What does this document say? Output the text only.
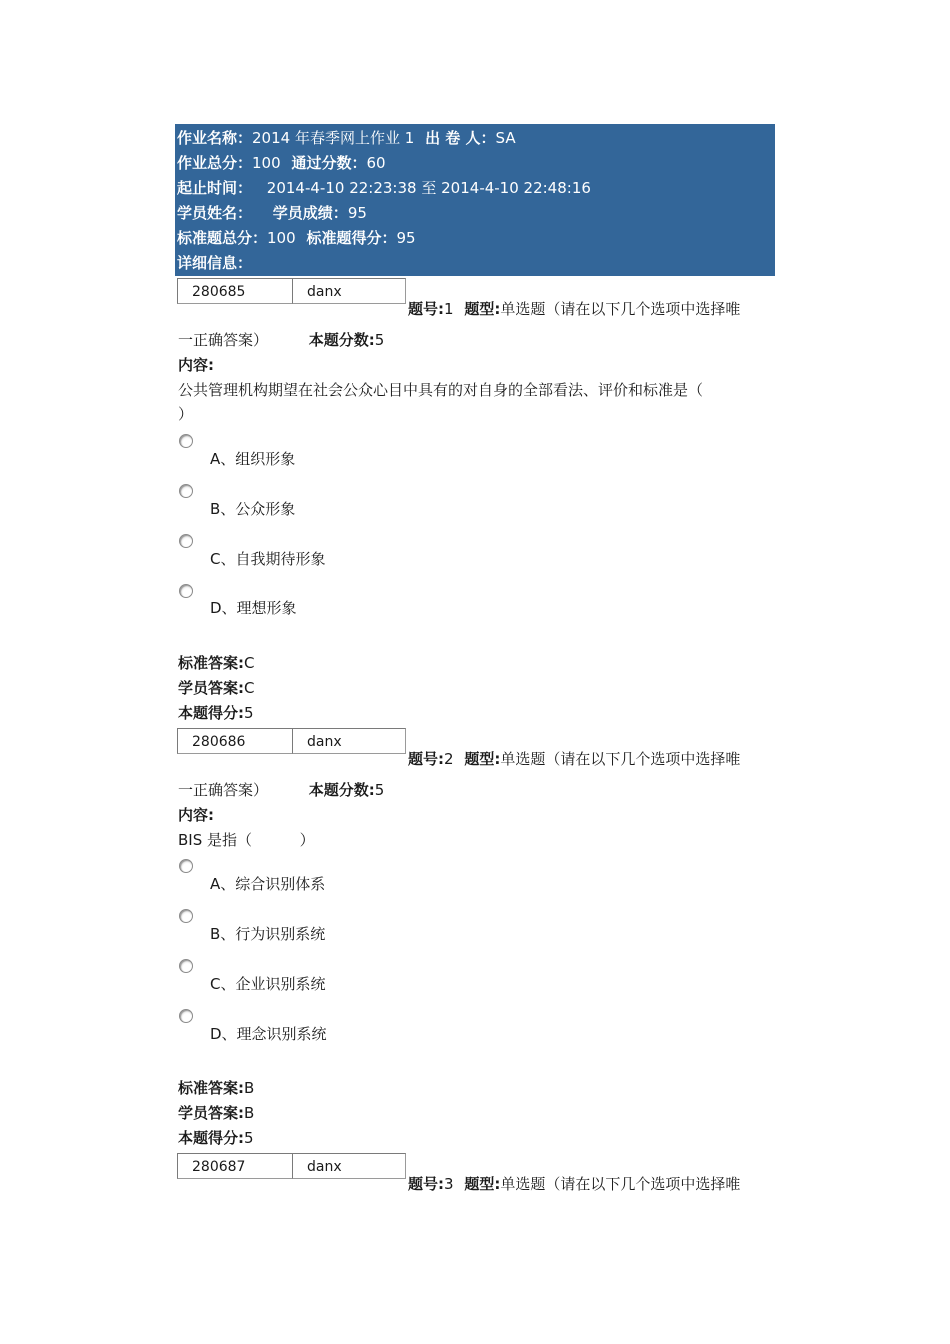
作业名称：2014 年春季网上作业 1 出 卷 人：SA
作业总分：100 通过分数：60
起止时间： 2014-4-10 22:23:38 至 2014-4-10 22:48:16
学员姓名： 学员成绩：95
标准题总分：100 标准题得分：95
详细信息：
280685	danx
题号:1 题型:单选题（请在以下几个选项中选择唯
一正确答案）	本题分数:5
内容:
公共管理机构期望在社会公众心目中具有的对自身的全部看法、评价和标准是（
）
A、组织形象
B、公众形象
C、自我期待形象
D、理想形象
标准答案:C
学员答案:C
本题得分:5
280686	danx
题号:2 题型:单选题（请在以下几个选项中选择唯
一正确答案）	本题分数:5
内容:
BIS 是指（          ）
A、综合识别体系
B、行为识别系统
C、企业识别系统
D、理念识别系统
标准答案:B
学员答案:B
本题得分:5
280687	danx
题号:3 题型:单选题（请在以下几个选项中选择唯
